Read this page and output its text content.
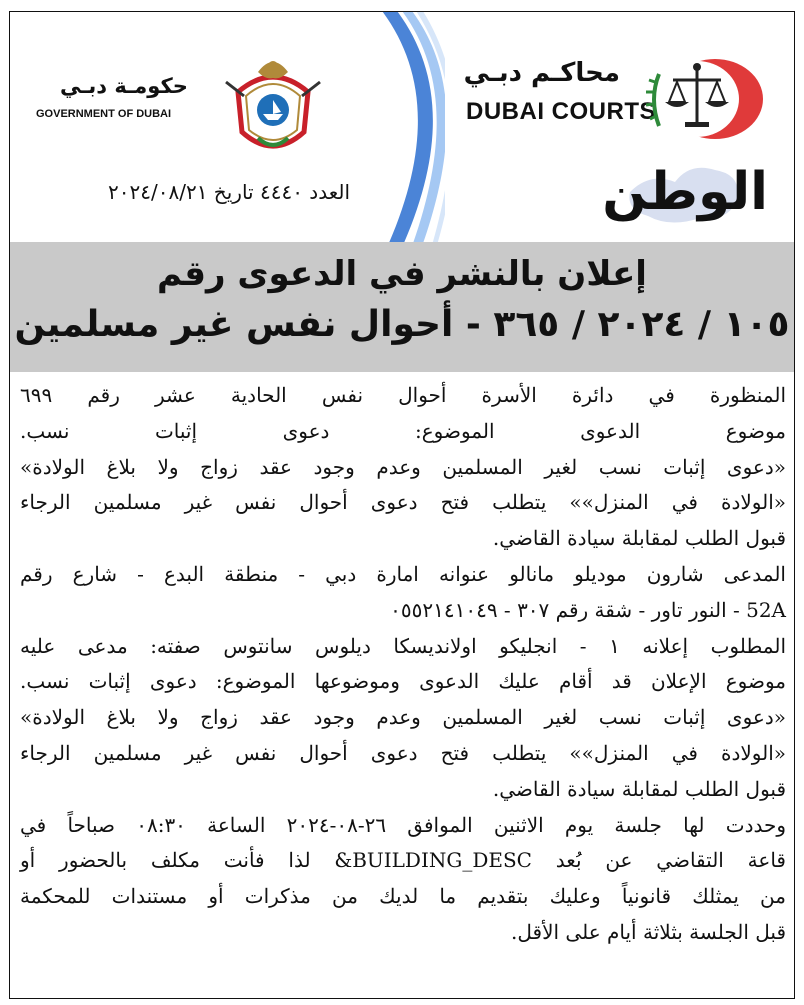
حكومـة دبـي
GOVERNMENT OF DUBAI
محاكـم دبـي
DUBAI COURTS
العدد ٤٤٤٠ تاريخ ٢٠٢٤/٠٨/٢١	الوطن
إعلان بالنشر في الدعوى رقم
١٠٥ / ٢٠٢٤ / ٣٦٥ - أحوال نفس غير مسلمين
المنظورة في دائرة الأسرة أحوال نفس الحادية عشر رقم ٦٩٩
موضوع الدعوى الموضوع: دعوى إثبات نسب.
«دعوى إثبات نسب لغير المسلمين وعدم وجود عقد زواج ولا بلاغ الولادة»
«الولادة في المنزل»» يتطلب فتح دعوى أحوال نفس غير مسلمين الرجاء
قبول الطلب لمقابلة سيادة القاضي.
المدعى شارون موديلو مانالو عنوانه امارة دبي - منطقة البدع - شارع رقم
52A - النور تاور - شقة رقم ٣٠٧ - ٠٥٥٢١٤١٠٤٩
المطلوب إعلانه ١ - انجليكو اولانديسكا ديلوس سانتوس صفته: مدعى عليه
موضوع الإعلان قد أقام عليك الدعوى وموضوعها الموضوع: دعوى إثبات نسب.
«دعوى إثبات نسب لغير المسلمين وعدم وجود عقد زواج ولا بلاغ الولادة»
«الولادة في المنزل»» يتطلب فتح دعوى أحوال نفس غير مسلمين الرجاء
قبول الطلب لمقابلة سيادة القاضي.
وحددت لها جلسة يوم الاثنين الموافق ٢٦-٠٨-٢٠٢٤ الساعة ٠٨:٣٠ صباحاً في
قاعة التقاضي عن بُعد BUILDING_DESC& لذا فأنت مكلف بالحضور أو
من يمثلك قانونياً وعليك بتقديم ما لديك من مذكرات أو مستندات للمحكمة
قبل الجلسة بثلاثة أيام على الأقل.
